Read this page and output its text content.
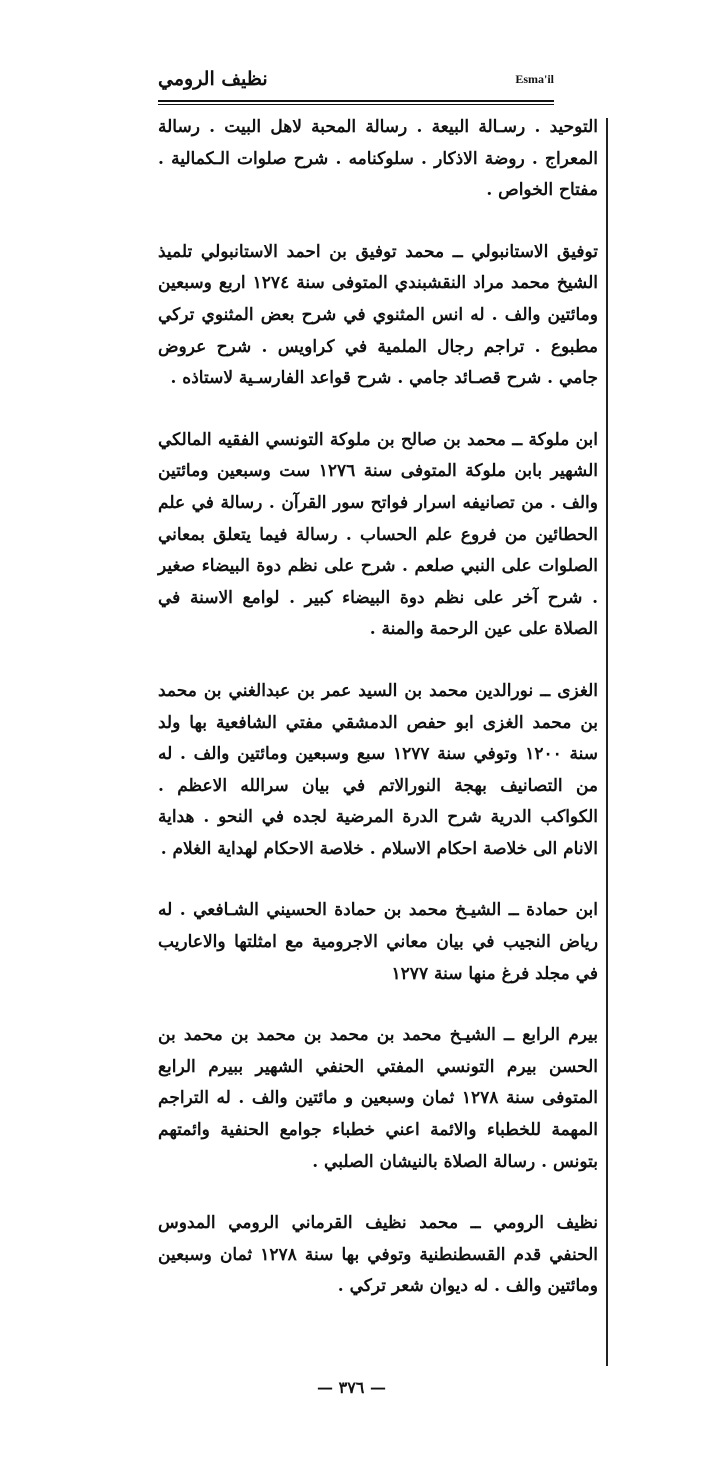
نظيف الرومي	Esma'il

التوحيد . رسـالة البيعة . رسالة المحبة لاهل البيت . رسالة المعراج . روضة الاذكار . سلوكنامه . شرح صلوات الـكمالية . مفتاح الخواص .

توفيق الاستانبولي ــ محمد توفيق بن احمد الاستانبولي تلميذ الشيخ محمد مراد النقشبندي المتوفى سنة ١٢٧٤ اربع وسبعين ومائتين والف . له انس المثنوي في شرح بعض المثنوي تركي مطبوع . تراجم رجال الملمية في كراويس . شرح عروض جامي . شرح قصـائد جامي . شرح قواعد الفارسـية لاستاذه .

ابن ملوكة ــ محمد بن صالح بن ملوكة التونسي الفقيه المالكي الشهير بابن ملوكة المتوفى سنة ١٢٧٦ ست وسبعين ومائتين والف . من تصانيفه اسرار فواتح سور القرآن . رسالة في علم الحطائين من فروع علم الحساب . رسالة فيما يتعلق بمعاني الصلوات على النبي صلعم . شرح على نظم دوة البيضاء صغير . شرح آخر على نظم دوة البيضاء كبير . لوامع الاسنة في الصلاة على عين الرحمة والمنة .

الغزى ــ نورالدين محمد بن السيد عمر بن عبدالغني بن محمد بن محمد الغزى ابو حفص الدمشقي مفتي الشافعية بها ولد سنة ١٢٠٠ وتوفي سنة ١٢٧٧ سبع وسبعين ومائتين والف . له من التصانيف بهجة النورالاتم في بيان سرالله الاعظم . الكواكب الدرية شرح الدرة المرضية لجده في النحو . هداية الانام الى خلاصة احكام الاسلام . خلاصة الاحكام لهداية الغلام .

ابن حمادة ــ الشيـخ محمد بن حمادة الحسيني الشـافعي . له رياض النجيب في بيان معاني الاجرومية مع امثلتها والاعاريب في مجلد فرغ منها سنة ١٢٧٧

بيرم الرابع ــ الشيـخ محمد بن محمد بن محمد بن محمد بن الحسن بيرم التونسي المفتي الحنفي الشهير ببيرم الرابع المتوفى سنة ١٢٧٨ ثمان وسبعين و مائتين والف . له التراجم المهمة للخطباء والائمة اعني خطباء جوامع الحنفية وائمتهم بتونس . رسالة الصلاة بالنيشان الصلبي .

نظيف الرومي ــ محمد نظيف القرماني الرومي المدوس الحنفي قدم القسطنطنية وتوفي بها سنة ١٢٧٨ ثمان وسبعين ومائتين والف . له ديوان شعر تركي .

— ٣٧٦ —
